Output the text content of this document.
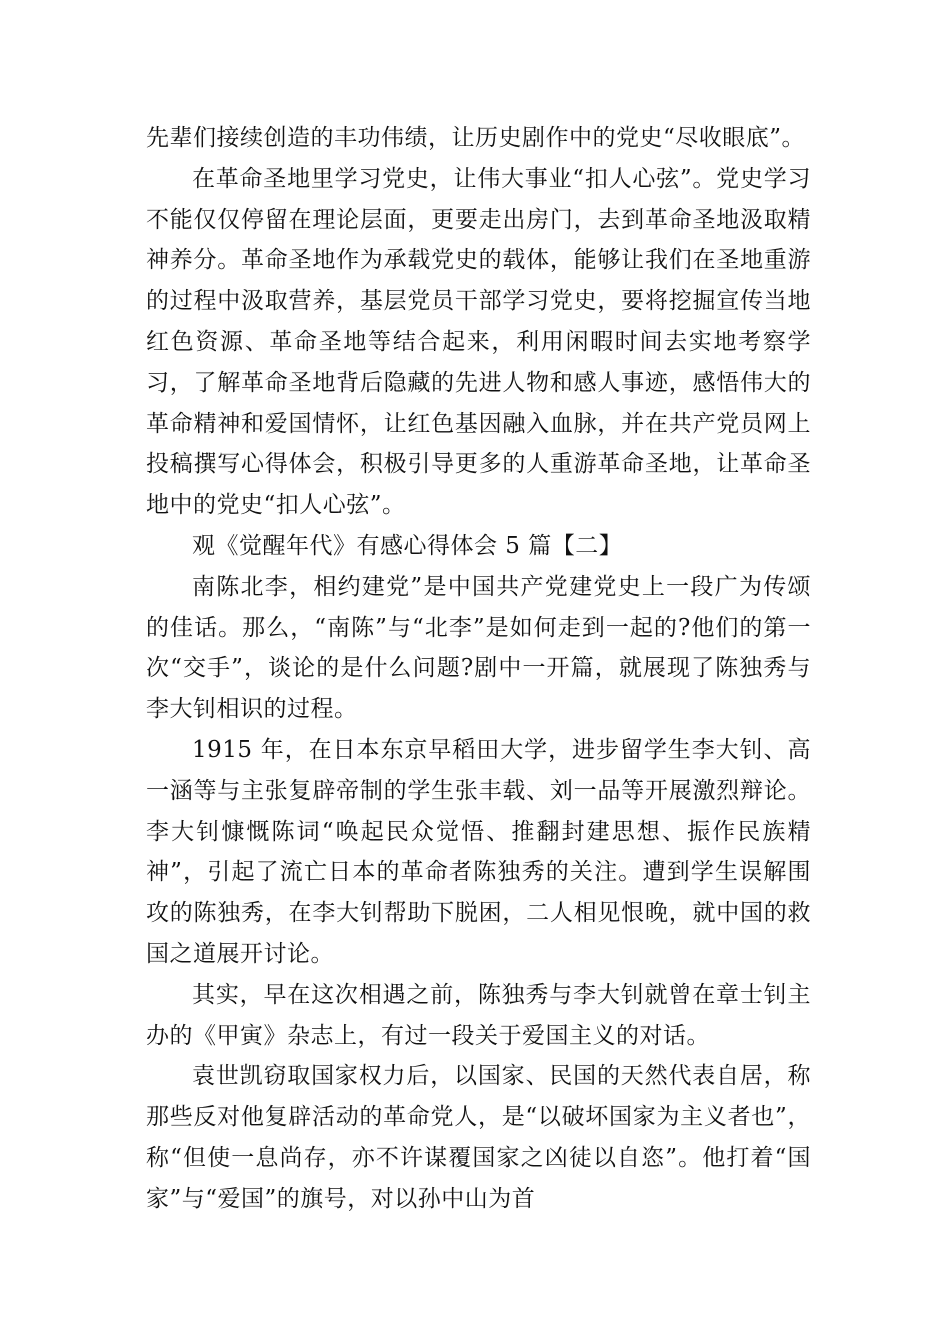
先辈们接续创造的丰功伟绩，让历史剧作中的党史“尽收眼底”。

在革命圣地里学习党史，让伟大事业“扣人心弦”。党史学习不能仅仅停留在理论层面，更要走出房门，去到革命圣地汲取精神养分。革命圣地作为承载党史的载体，能够让我们在圣地重游的过程中汲取营养，基层党员干部学习党史，要将挖掘宣传当地红色资源、革命圣地等结合起来，利用闲暇时间去实地考察学习，了解革命圣地背后隐藏的先进人物和感人事迹，感悟伟大的革命精神和爱国情怀，让红色基因融入血脉，并在共产党员网上投稿撰写心得体会，积极引导更多的人重游革命圣地，让革命圣地中的党史“扣人心弦”。

观《觉醒年代》有感心得体会 5 篇【二】

南陈北李，相约建党”是中国共产党建党史上一段广为传颂的佳话。那么，“南陈”与“北李”是如何走到一起的?他们的第一次“交手”，谈论的是什么问题?剧中一开篇，就展现了陈独秀与李大钊相识的过程。

1915 年，在日本东京早稻田大学，进步留学生李大钊、高一涵等与主张复辟帝制的学生张丰载、刘一品等开展激烈辩论。李大钊慷慨陈词“唤起民众觉悟、推翻封建思想、振作民族精神”，引起了流亡日本的革命者陈独秀的关注。遭到学生误解围攻的陈独秀，在李大钊帮助下脱困，二人相见恨晚，就中国的救国之道展开讨论。

其实，早在这次相遇之前，陈独秀与李大钊就曾在章士钊主办的《甲寅》杂志上，有过一段关于爱国主义的对话。

袁世凯窃取国家权力后，以国家、民国的天然代表自居，称那些反对他复辟活动的革命党人，是“以破坏国家为主义者也”，称“但使一息尚存，亦不许谋覆国家之凶徒以自恣”。他打着“国家”与“爱国”的旗号，对以孙中山为首
